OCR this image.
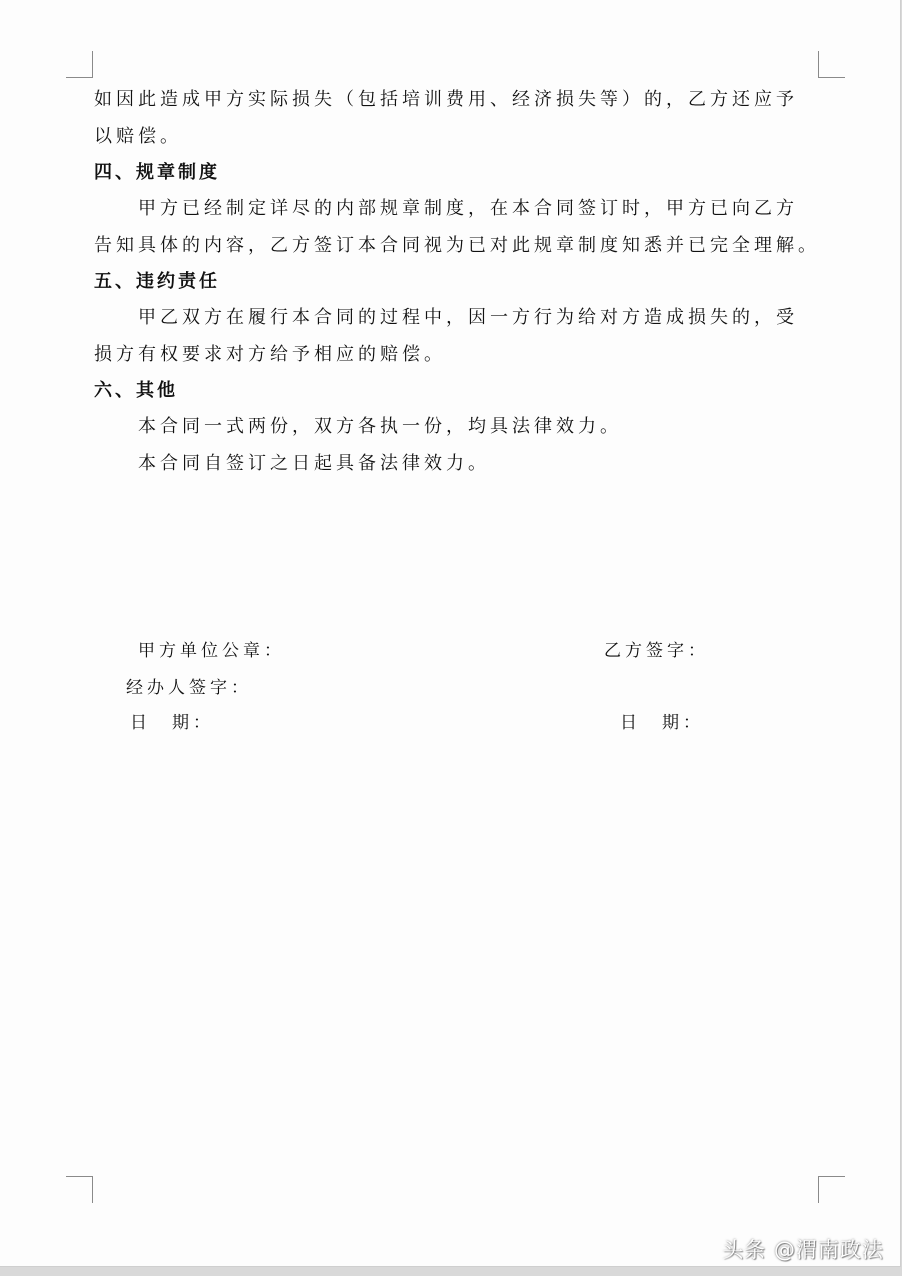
如因此造成甲方实际损失（包括培训费用、经济损失等）的，乙方还应予
以赔偿。
四、规章制度
甲方已经制定详尽的内部规章制度，在本合同签订时，甲方已向乙方
告知具体的内容，乙方签订本合同视为已对此规章制度知悉并已完全理解。
五、违约责任
甲乙双方在履行本合同的过程中，因一方行为给对方造成损失的，受
损方有权要求对方给予相应的赔偿。
六、其他
本合同一式两份，双方各执一份，均具法律效力。
本合同自签订之日起具备法律效力。
甲方单位公章：	乙方签字：
经办人签字：
日　期：	日　期：
头条 @渭南政法
